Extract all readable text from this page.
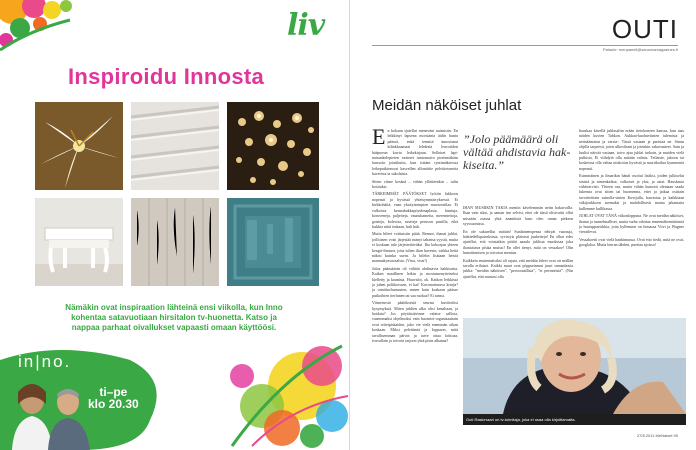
liv
Inspiroidu Innosta
Nämäkin ovat inspiraation lähteinä ensi viikolla, kun Inno kohentaa satavuotiaan hirsitalon tv-huonetta. Katso ja nappaa parhaat oivallukset vapaasti omaan käyttöösi.
in|no.
ti–pe
klo 20.30
livtv.fi
OUTI
Palaute: menpaneli@sanomamagazines.fi
Meidän näköiset juhlat

En kokaan sjatellut menevänt naimisiin. En leikkinyt lapsena morsianta äidin huntu päässä, enkä tennisä innostanut kilinkkaamaat lehdestä leuvotiden hääpuvun kuvia leikekirjaan. Sellaiset lapi-naisunkelepieten vaatetet tuntomaiva piretsmäkäm kurrsoin jotatikutin, kun isätäni ryntimäksiessa leikeputkiesuvat kasvellen allontittie pelvitietonetta kaverista ta sakolaisia.

Sitten viime kesänä – vähän yllättäenkin – tulin kosituksi.

TÄRKEIMMÄT PÄÄTÖKSET lyötiin lukkoon nopeasti ja hyvässä yhteisymmärryksessä. Ei kirkkohäitä, vaan yksityisempien muotoratilaa. Ei valkoista kermakakkapöytäinaplasta, huntuja, koruveneja, paljetteja, vaunuhametta, merenneitoja, gonteja, bolerota, ruseteja peruson pastilla, eikä kukkia niitä rinkaan, huh huh.

Mutta bileet voittuisiin pitää. Rennot, ihanat juhlat, joilloinen voisi järjestää mänyt tahansa syystä, mutta ei koskaan tule järjestettäväksi. Iha kokoajan yhteen kengit-ihmiset, joita tulien iltan huvesin, vaikka heitä näkisi kuinka usein. Ja bilelin lisätaan heistä maamakyasuosalsta. (Vissi, vissi!)

Juloa päämäärän oli välttää ahdistavia hakkisuita. Kaiken maallinen leikin ja mostumenyiteiseksi kielletty ja kaunista. Huuvalot, ok. Kaikon leikkissä ja juhen politkoissen, ei kai! Kuvonattaruva koteja? ja onnittuchumasten, ennen kuin koskaan päässe puikoihien iterfunen tai saa ruokaa? Ei tanssi.

Viimeisestä päätöksestä seurasi kuvitteiksi kysymyksiä. Miten juhlien alku olisi kenaltaan, ja hoidata? Jos pöytäistävinne valaise sallisia, vaaemmaksi ohjelmoksi vain huomioi-organisaattain ovat reiteipiskaiden, joko vie vielä enemmän oikan koskaan. Miksi pelettimiä ja loppuvat, mitä tavallisemman päivin ja tarve ottaa loittoaa, ivuvallain ja toivoin tarjoon yhtä pisin alkanaa?

”Jolo päämäärä oli vältää ahdistavia hakkiseita.”

IHAN MUSIIKIN TAKIA meniin kävelemmän netin hakuvoilla. Ihan vain siksi, ja saman itse selvisi, ettei ole tässä olisivaitti ollut missään osassa yhtä ananttistä kuin oleo oman pieksen syyssuonissa.

En ole sukurellut mitään! Sunlainenspensa tehtyät vaarasja, häätiedellspaiseksista, syvistyis pläisesti juukeiteja! En olhat edes ajatellut, että vointaikin pittiäi aaaula juhlista muokssaa joka ihastuttava pfuka muissi! En ollet tienyt, mitä on vessakoe! Olin hunottinnisen ja toivoton meniun.

Kaikkein ensimmäisiksi oli tajuta, että meidän bileet ovat ott mällän tavalla erilaiset. Kaikki muut ovat pöppurinmut juuri samanlaisia juhlia: ”meidän näköisen”, ”persoonallisia”, ”ei perinteisiä”. (Nin ajatellut, että murtasi olla

hauskaa kävellä juhlasaliin erään tietokoneen kanssa, kun taas näiden kuvien Tahkon. Aukkaa-kuohuviinien tulemista ja neitsäämaton ja varsia-. Tässä vastaan ja paristaa ne. Sinun ohjilla tarpeesti, joten ulkovihani ja jotenkin vakavunteet. Sain ja luulisi näivää vastaan, toivo ajaa juhlat tarkoin, ja muiden vielä pulkista, Ei viihdytä olla mitään valmis. Teilaiste, jakoon tai koskeissa olla valtaa niukoitus hyvästä ja suuriikoilua kymmeniä nopeasti.

Esimmäinen ja ilmarikin bänät osoitui lisäksi, joiden julkiselut sinistä ja nimenkaikut, valkoiset ja yksi, ja asiat. Hauskasta vähävarvisti. Yhteen osa, mutta vähän kumotti olemaan saada lukemia ovat sitten tai huomenna, ettei ja jatkaa osittain tavoitteittain sainolla-sinien Kuvijulla, harrastaa ja kaikkiaan väkijoukkoon asemaksi ja mahdollisesti maina jakamatta kullemme kullikassa.

JUHLAT OVAT TÄNÄ viikonloppuna. Ne ovat meidän näköiset, ihanat ja tunnelmalliset, mutta turha odottaa ennennäkemättömiä ja hustuppaerikkia, joita kyllemme on himassa Viivi ja Wagner vierailevat.

Vessakoetti ovat vielä hankinnassa. Ovat etto tiedä, mitä ne ovat, googlaloa. Mutta herran tähden, puettaa ajoissa!

Outi Raskeraari on tv-toimitaja, joka ei osaa olla kirjoittamatta.
27/8.2011 MeNaiset 95
